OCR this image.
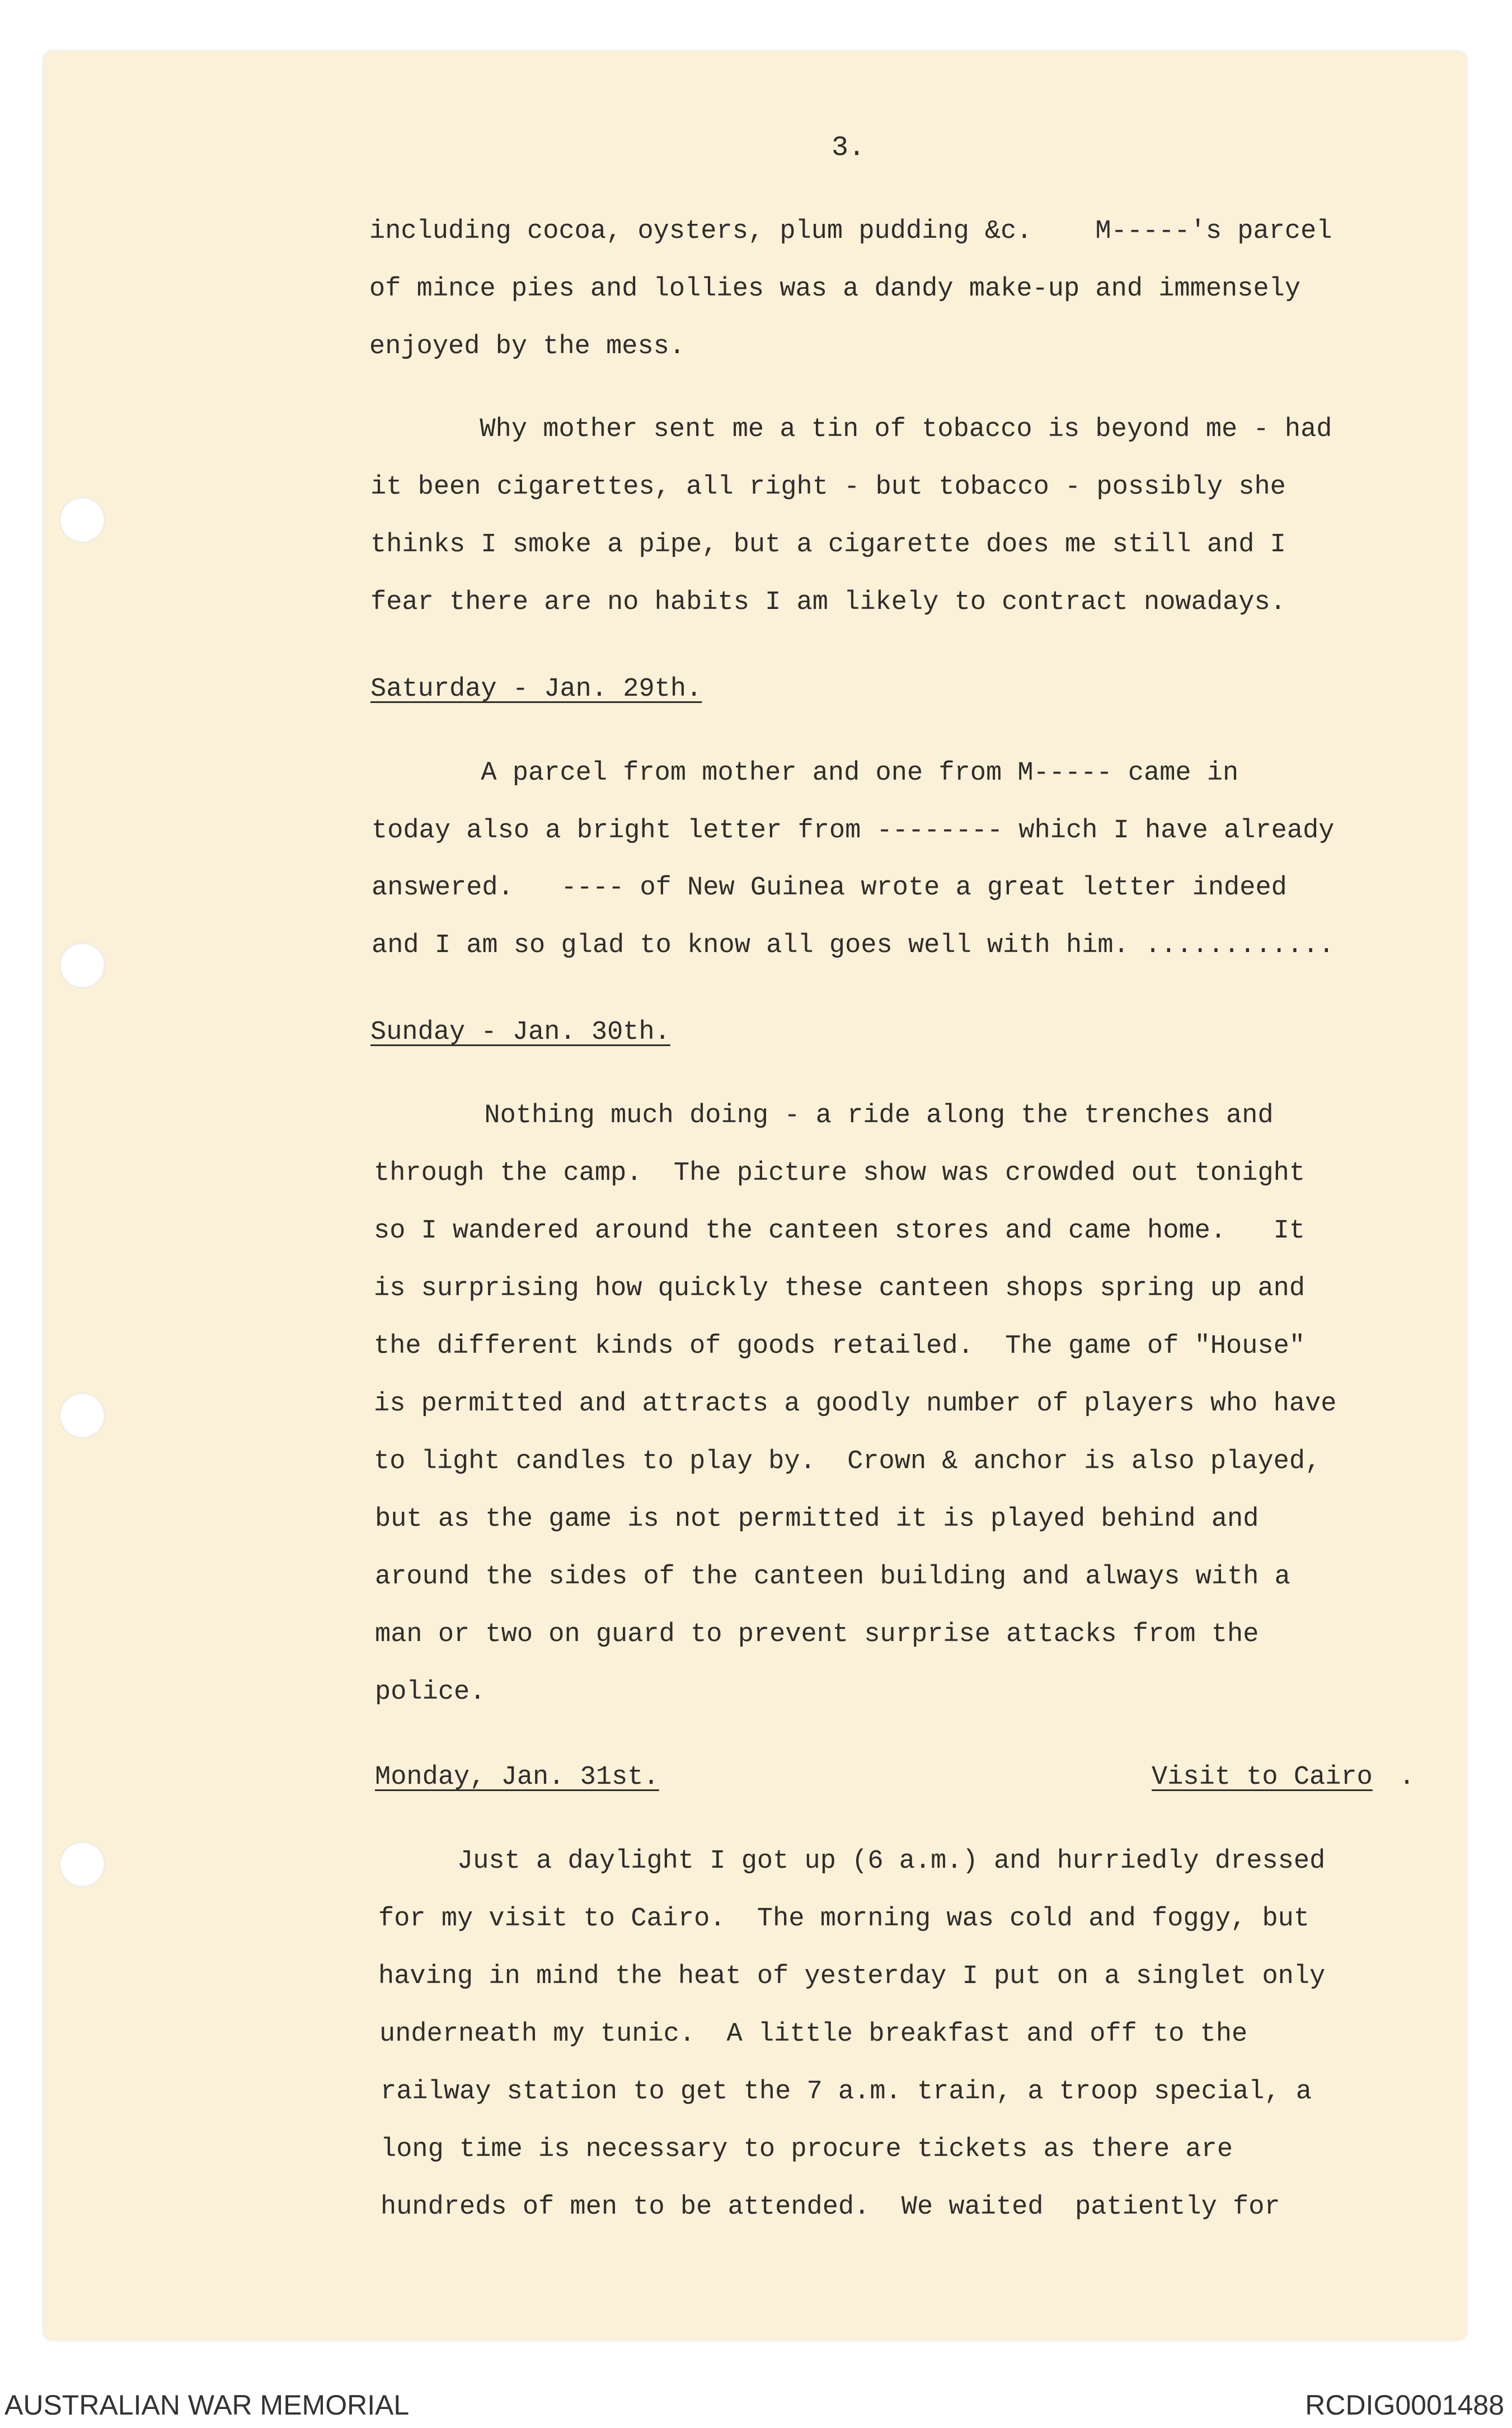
3.
including cocoa, oysters, plum pudding &c.    M-----'s parcel
of mince pies and lollies was a dandy make-up and immensely
enjoyed by the mess.
Why mother sent me a tin of tobacco is beyond me - had
it been cigarettes, all right - but tobacco - possibly she
thinks I smoke a pipe, but a cigarette does me still and I
fear there are no habits I am likely to contract nowadays.
Saturday - Jan. 29th.
A parcel from mother and one from M----- came in
today also a bright letter from -------- which I have already
answered.   ---- of New Guinea wrote a great letter indeed
and I am so glad to know all goes well with him. ............
Sunday - Jan. 30th.
Nothing much doing - a ride along the trenches and
through the camp.  The picture show was crowded out tonight
so I wandered around the canteen stores and came home.   It
is surprising how quickly these canteen shops spring up and
the different kinds of goods retailed.  The game of "House"
is permitted and attracts a goodly number of players who have
to light candles to play by.  Crown & anchor is also played,
but as the game is not permitted it is played behind and
around the sides of the canteen building and always with a
man or two on guard to prevent surprise attacks from the
police.
Monday, Jan. 31st.	Visit to Cairo .
Just a daylight I got up (6 a.m.) and hurriedly dressed
for my visit to Cairo.  The morning was cold and foggy, but
having in mind the heat of yesterday I put on a singlet only
underneath my tunic.  A little breakfast and off to the
railway station to get the 7 a.m. train, a troop special, a
long time is necessary to procure tickets as there are
hundreds of men to be attended.  We waited  patiently for
AUSTRALIAN WAR MEMORIAL	RCDIG0001488
